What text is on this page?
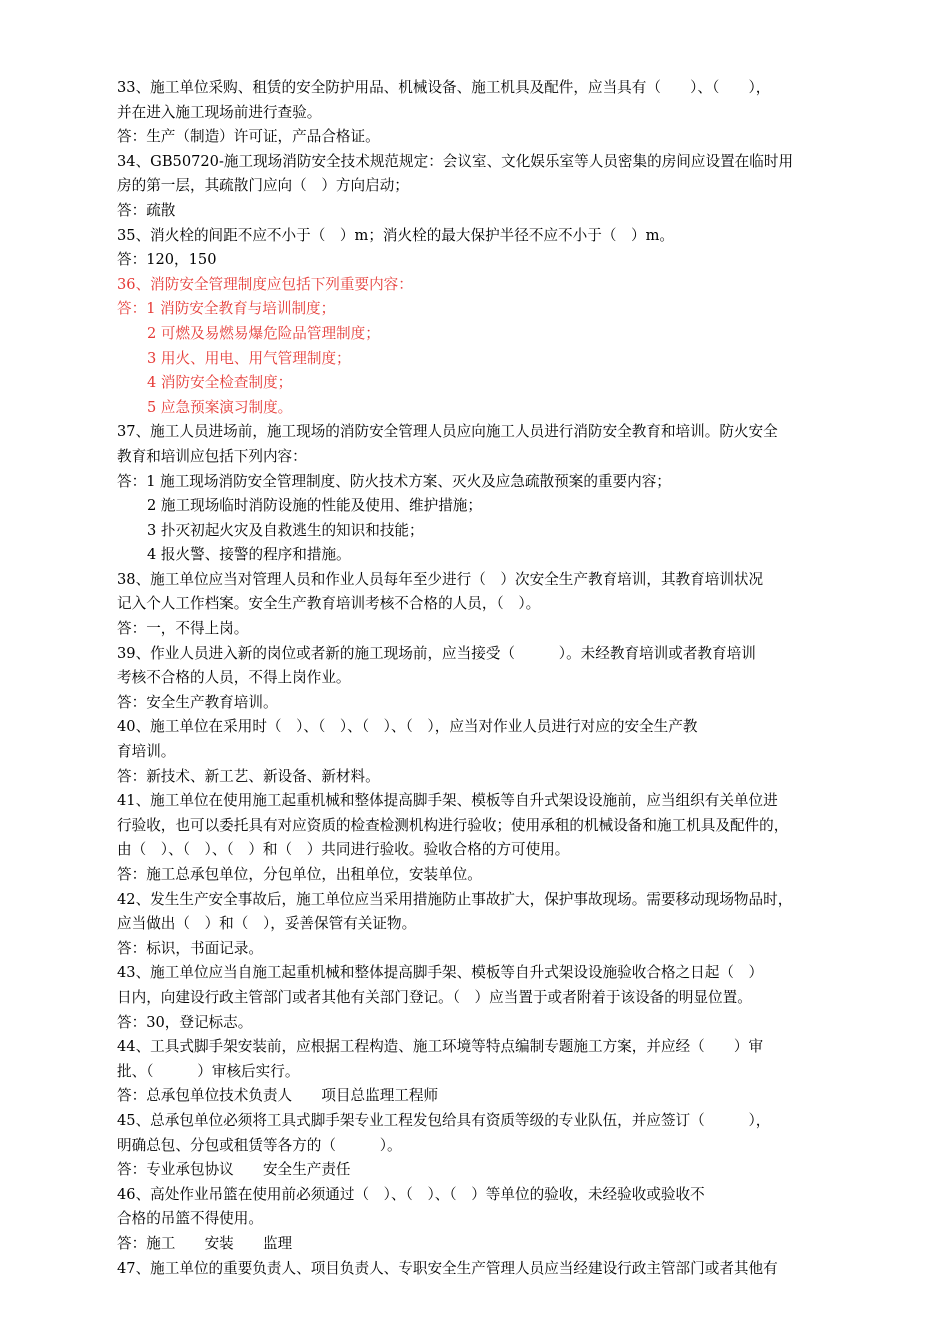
33、施工单位采购、租赁的安全防护用品、机械设备、施工机具及配件，应当具有（　　）、（　　），
并在进入施工现场前进行查验。
答：生产（制造）许可证，产品合格证。
34、GB50720-施工现场消防安全技术规范规定：会议室、文化娱乐室等人员密集的房间应设置在临时用
房的第一层，其疏散门应向（　）方向启动；
答：疏散
35、消火栓的间距不应不小于（　）m；消火栓的最大保护半径不应不小于（　）m。
答：120，150
36、消防安全管理制度应包括下列重要内容：
答：1 消防安全教育与培训制度；
2 可燃及易燃易爆危险品管理制度；
3 用火、用电、用气管理制度；
4 消防安全检查制度；
5 应急预案演习制度。
37、施工人员进场前，施工现场的消防安全管理人员应向施工人员进行消防安全教育和培训。防火安全
教育和培训应包括下列内容：
答：1 施工现场消防安全管理制度、防火技术方案、灭火及应急疏散预案的重要内容；
2 施工现场临时消防设施的性能及使用、维护措施；
3 扑灭初起火灾及自救逃生的知识和技能；
4 报火警、接警的程序和措施。
38、施工单位应当对管理人员和作业人员每年至少进行（　）次安全生产教育培训，其教育培训状况
记入个人工作档案。安全生产教育培训考核不合格的人员，（　）。
答：一，不得上岗。
39、作业人员进入新的岗位或者新的施工现场前，应当接受（　　　）。未经教育培训或者教育培训
考核不合格的人员，不得上岗作业。
答：安全生产教育培训。
40、施工单位在采用时（　）、（　）、（　）、（　），应当对作业人员进行对应的安全生产教
育培训。
答：新技术、新工艺、新设备、新材料。
41、施工单位在使用施工起重机械和整体提高脚手架、模板等自升式架设设施前，应当组织有关单位进
行验收，也可以委托具有对应资质的检查检测机构进行验收；使用承租的机械设备和施工机具及配件的，
由（　）、（　）、（　）和（　）共同进行验收。验收合格的方可使用。
答：施工总承包单位，分包单位，出租单位，安装单位。
42、发生生产安全事故后，施工单位应当采用措施防止事故扩大，保护事故现场。需要移动现场物品时，
应当做出（　）和（　），妥善保管有关证物。
答：标识，书面记录。
43、施工单位应当自施工起重机械和整体提高脚手架、模板等自升式架设设施验收合格之日起（　）
日内，向建设行政主管部门或者其他有关部门登记。（　）应当置于或者附着于该设备的明显位置。
答：30，登记标志。
44、工具式脚手架安装前，应根据工程构造、施工环境等特点编制专题施工方案，并应经（　　）审
批、（　　　）审核后实行。
答：总承包单位技术负责人　　项目总监理工程师
45、总承包单位必须将工具式脚手架专业工程发包给具有资质等级的专业队伍，并应签订（　　　），
明确总包、分包或租赁等各方的（　　　）。
答：专业承包协议　　安全生产责任
46、高处作业吊篮在使用前必须通过（　）、（　）、（　）等单位的验收，未经验收或验收不
合格的吊篮不得使用。
答：施工　　安装　　监理
47、施工单位的重要负责人、项目负责人、专职安全生产管理人员应当经建设行政主管部门或者其他有
